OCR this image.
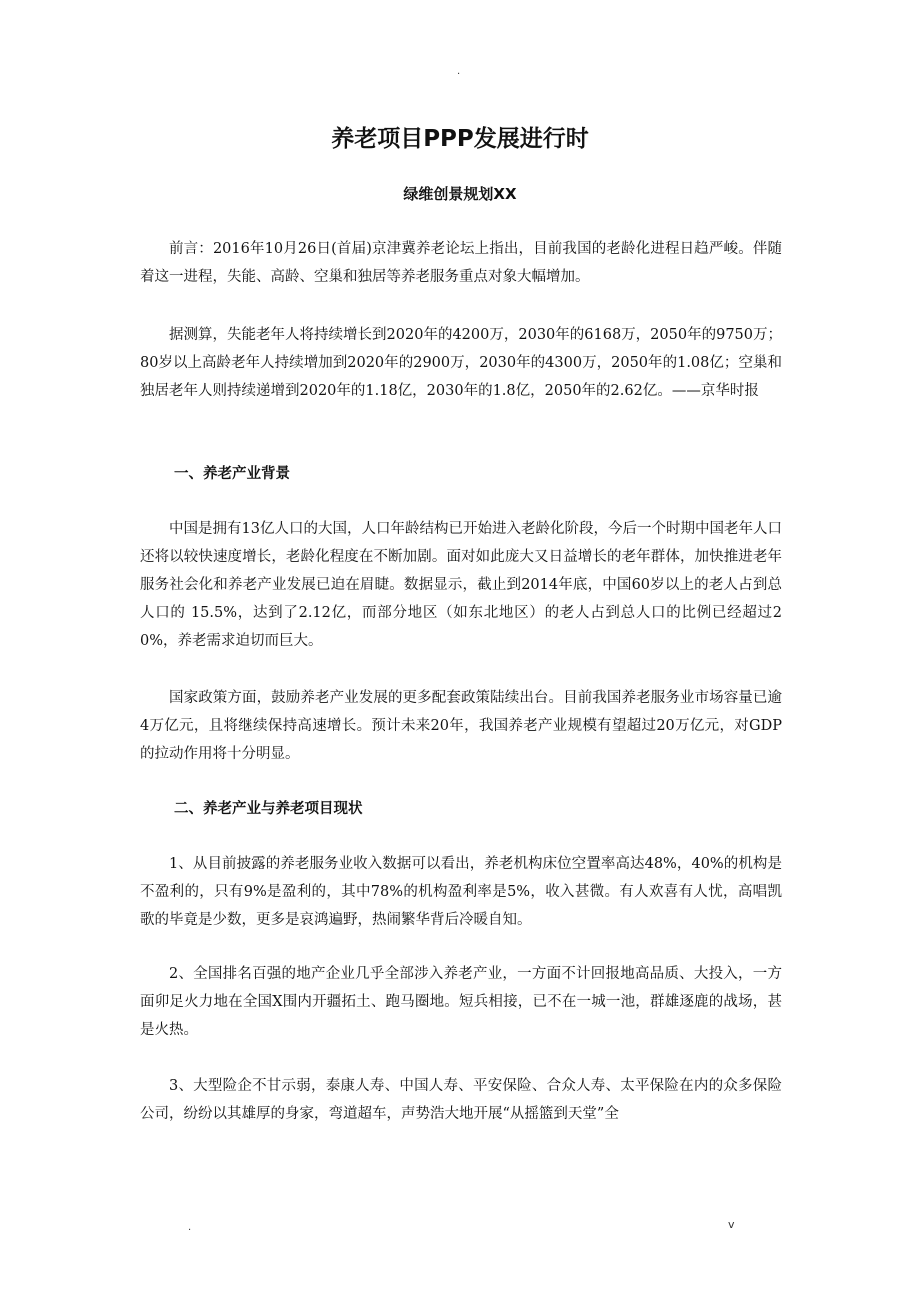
.
养老项目PPP发展进行时
绿维创景规划XX
前言：2016年10月26日(首届)京津冀养老论坛上指出，目前我国的老龄化进程日趋严峻。伴随着这一进程，失能、高龄、空巢和独居等养老服务重点对象大幅增加。
据测算，失能老年人将持续增长到2020年的4200万，2030年的6168万，2050年的9750万；80岁以上高龄老年人持续增加到2020年的2900万，2030年的4300万，2050年的1.08亿；空巢和独居老年人则持续递增到2020年的1.18亿，2030年的1.8亿，2050年的2.62亿。——京华时报
一、养老产业背景
中国是拥有13亿人口的大国，人口年龄结构已开始进入老龄化阶段，今后一个时期中国老年人口还将以较快速度增长，老龄化程度在不断加剧。面对如此庞大又日益增长的老年群体，加快推进老年服务社会化和养老产业发展已迫在眉睫。数据显示，截止到2014年底，中国60岁以上的老人占到总人口的 15.5%，达到了2.12亿，而部分地区（如东北地区）的老人占到总人口的比例已经超过20%，养老需求迫切而巨大。
国家政策方面，鼓励养老产业发展的更多配套政策陆续出台。目前我国养老服务业市场容量已逾4万亿元，且将继续保持高速增长。预计未来20年，我国养老产业规模有望超过20万亿元，对GDP的拉动作用将十分明显。
二、养老产业与养老项目现状
1、从目前披露的养老服务业收入数据可以看出，养老机构床位空置率高达48%，40%的机构是不盈利的，只有9%是盈利的，其中78%的机构盈利率是5%，收入甚微。有人欢喜有人忧，高唱凯歌的毕竟是少数，更多是哀鸿遍野，热闹繁华背后冷暖自知。
2、全国排名百强的地产企业几乎全部涉入养老产业，一方面不计回报地高品质、大投入，一方面卯足火力地在全国X围内开疆拓土、跑马圈地。短兵相接，已不在一城一池，群雄逐鹿的战场，甚是火热。
3、大型险企不甘示弱，泰康人寿、中国人寿、平安保险、合众人寿、太平保险在内的众多保险公司，纷纷以其雄厚的身家，弯道超车，声势浩大地开展“从摇篮到天堂”全
.	v
